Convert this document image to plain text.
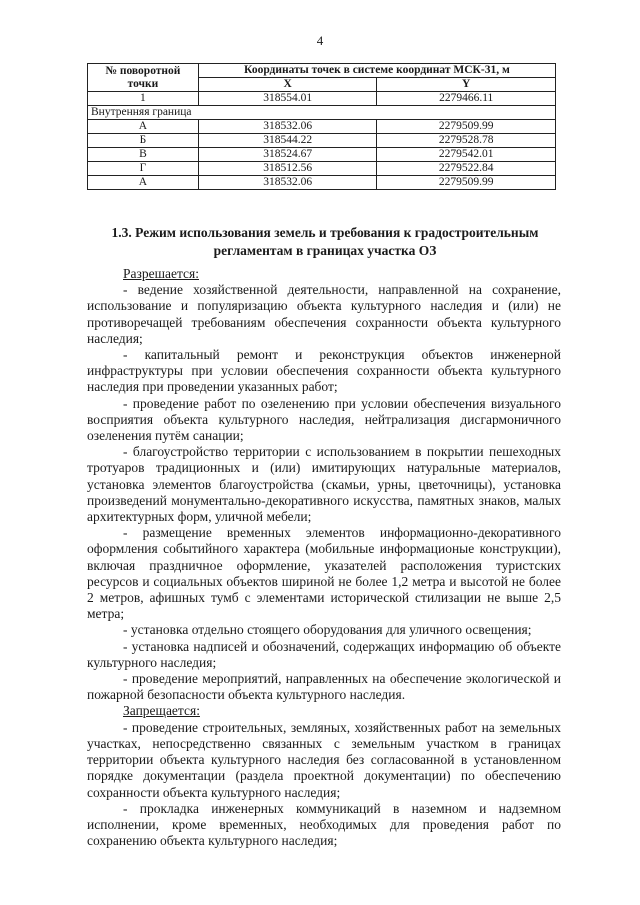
4
№ поворотной точки	Координаты точек в системе координат МСК-31, м	
	X	Y
1	318554.01	2279466.11
Внутренняя граница		
А	318532.06	2279509.99
Б	318544.22	2279528.78
В	318524.67	2279542.01
Г	318512.56	2279522.84
А	318532.06	2279509.99
1.3. Режим использования земель и требования к градостроительным регламентам в границах участка ОЗ

Разрешается:

- ведение хозяйственной деятельности, направленной на сохранение, использование и популяризацию объекта культурного наследия и (или) не противоречащей требованиям обеспечения сохранности объекта культурного наследия;

- капитальный ремонт и реконструкция объектов инженерной инфраструктуры при условии обеспечения сохранности объекта культурного наследия при проведении указанных работ;

- проведение работ по озеленению при условии обеспечения визуального восприятия объекта культурного наследия, нейтрализация дисгармоничного озеленения путём санации;

- благоустройство территории с использованием в покрытии пешеходных тротуаров традиционных и (или) имитирующих натуральные материалов, установка элементов благоустройства (скамьи, урны, цветочницы), установка произведений монументально-декоративного искусства, памятных знаков, малых архитектурных форм, уличной мебели;

- размещение временных элементов информационно-декоративного оформления событийного характера (мобильные информационые конструкции), включая праздничное оформление, указателей расположения туристских ресурсов и социальных объектов шириной не более 1,2 метра и высотой не более 2 метров, афишных тумб с элементами исторической стилизации не выше 2,5 метра;

- установка отдельно стоящего оборудования для уличного освещения;

- установка надписей и обозначений, содержащих информацию об объекте культурного наследия;

- проведение мероприятий, направленных на обеспечение экологической и пожарной безопасности объекта культурного наследия.

Запрещается:

- проведение строительных, земляных, хозяйственных работ на земельных участках, непосредственно связанных с земельным участком в границах территории объекта культурного наследия без согласованной в установленном порядке документации (раздела проектной документации) по обеспечению сохранности объекта культурного наследия;

- прокладка инженерных коммуникаций в наземном и надземном исполнении, кроме временных, необходимых для проведения работ по сохранению объекта культурного наследия;
